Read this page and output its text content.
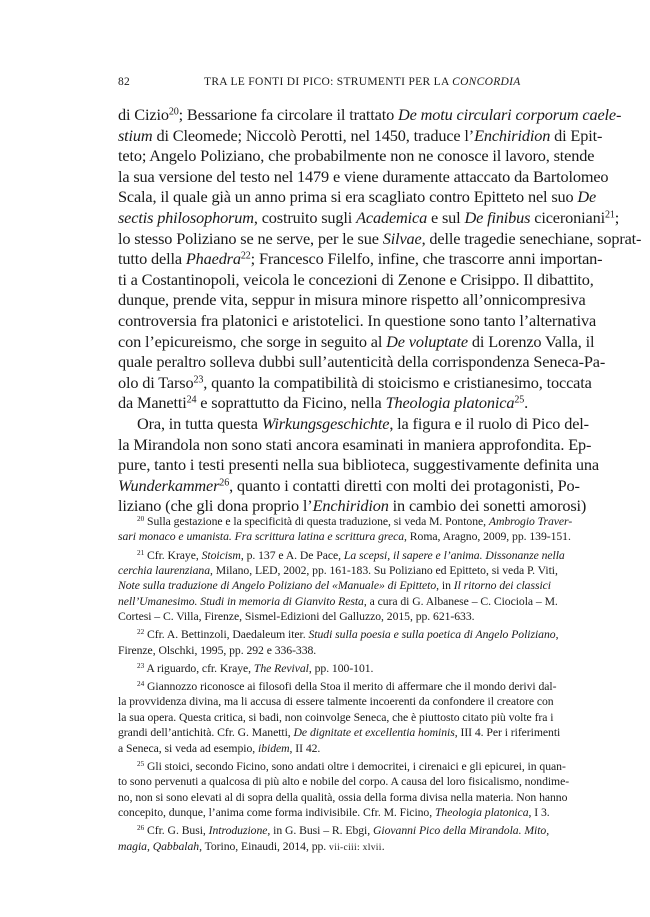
82	TRA LE FONTI DI PICO: STRUMENTI PER LA CONCORDIA

di Cizio$^{20}$; Bessarione fa circolare il trattato De motu circulari corporum caele-

stium di Cleomede; Niccolò Perotti, nel 1450, traduce l’Enchiridion di Epit-

teto; Angelo Poliziano, che probabilmente non ne conosce il lavoro, stende

la sua versione del testo nel 1479 e viene duramente attaccato da Bartolomeo

Scala, il quale già un anno prima si era scagliato contro Epitteto nel suo De

sectis philosophorum, costruito sugli Academica e sul De finibus ciceroniani$^{21}$;

lo stesso Poliziano se ne serve, per le sue Silvae, delle tragedie senechiane, soprat-

tutto della Phaedra$^{22}$; Francesco Filelfo, infine, che trascorre anni importan-

ti a Costantinopoli, veicola le concezioni di Zenone e Crisippo. Il dibattito,

dunque, prende vita, seppur in misura minore rispetto all’onnicompresiva

controversia fra platonici e aristotelici. In questione sono tanto l’alternativa

con l’epicureismo, che sorge in seguito al De voluptate di Lorenzo Valla, il

quale peraltro solleva dubbi sull’autenticità della corrispondenza Seneca-Pa-

olo di Tarso$^{23}$, quanto la compatibilità di stoicismo e cristianesimo, toccata

da Manetti$^{24}$ e soprattutto da Ficino, nella Theologia platonica$^{25}$.

Ora, in tutta questa Wirkungsgeschichte, la figura e il ruolo di Pico del-

la Mirandola non sono stati ancora esaminati in maniera approfondita. Ep-

pure, tanto i testi presenti nella sua biblioteca, suggestivamente definita una

Wunderkammer$^{26}$, quanto i contatti diretti con molti dei protagonisti, Po-

liziano (che gli dona proprio l’Enchiridion in cambio dei sonetti amorosi)

$^{20}$ Sulla gestazione e la specificità di questa traduzione, si veda M. Pontone, Ambrogio Traver-

sari monaco e umanista. Fra scrittura latina e scrittura greca, Roma, Aragno, 2009, pp. 139-151.

$^{21}$ Cfr. Kraye, Stoicism, p. 137 e A. De Pace, La scepsi, il sapere e l’anima. Dissonanze nella

cerchia laurenziana, Milano, LED, 2002, pp. 161-183. Su Poliziano ed Epitteto, si veda P. Viti,

Note sulla traduzione di Angelo Poliziano del «Manuale» di Epitteto, in Il ritorno dei classici

nell’Umanesimo. Studi in memoria di Gianvito Resta, a cura di G. Albanese – C. Ciociola – M.

Cortesi – C. Villa, Firenze, Sismel-Edizioni del Galluzzo, 2015, pp. 621-633.

$^{22}$ Cfr. A. Bettinzoli, Daedaleum iter. Studi sulla poesia e sulla poetica di Angelo Poliziano,

Firenze, Olschki, 1995, pp. 292 e 336-338.

$^{23}$ A riguardo, cfr. Kraye, The Revival, pp. 100-101.

$^{24}$ Giannozzo riconosce ai filosofi della Stoa il merito di affermare che il mondo derivi dal-

la provvidenza divina, ma li accusa di essere talmente incoerenti da confondere il creatore con

la sua opera. Questa critica, si badi, non coinvolge Seneca, che è piuttosto citato più volte fra i

grandi dell’antichità. Cfr. G. Manetti, De dignitate et excellentia hominis, III 4. Per i riferimenti

a Seneca, si veda ad esempio, ibidem, II 42.

$^{25}$ Gli stoici, secondo Ficino, sono andati oltre i democritei, i cirenaici e gli epicurei, in quan-

to sono pervenuti a qualcosa di più alto e nobile del corpo. A causa del loro fisicalismo, nondime-

no, non si sono elevati al di sopra della qualità, ossia della forma divisa nella materia. Non hanno

concepito, dunque, l’anima come forma indivisibile. Cfr. M. Ficino, Theologia platonica, I 3.

$^{26}$ Cfr. G. Busi, Introduzione, in G. Busi – R. Ebgi, Giovanni Pico della Mirandola. Mito,

magia, Qabbalah, Torino, Einaudi, 2014, pp. vii-ciii: xlvii.
